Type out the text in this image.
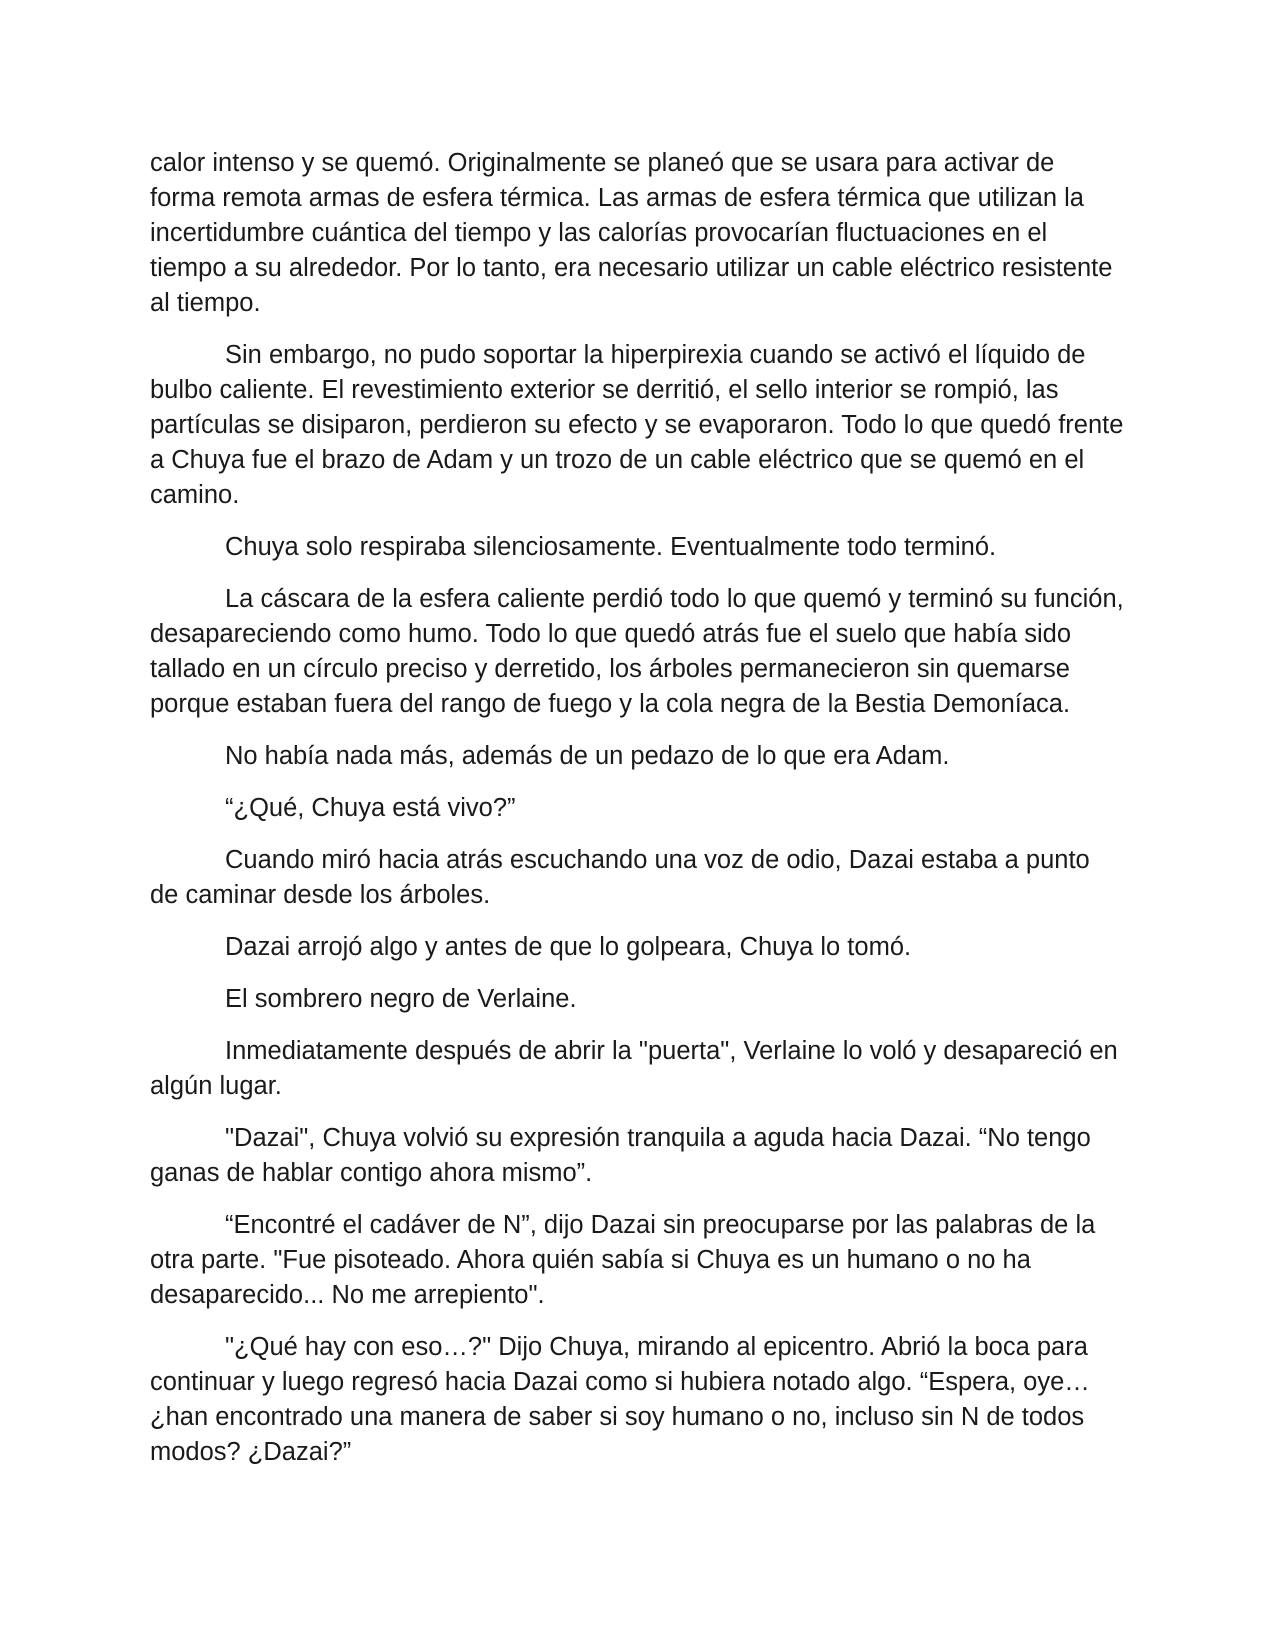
calor intenso y se quemó. Originalmente se planeó que se usara para activar de forma remota armas de esfera térmica. Las armas de esfera térmica que utilizan la incertidumbre cuántica del tiempo y las calorías provocarían fluctuaciones en el tiempo a su alrededor. Por lo tanto, era necesario utilizar un cable eléctrico resistente al tiempo.

Sin embargo, no pudo soportar la hiperpirexia cuando se activó el líquido de bulbo caliente. El revestimiento exterior se derritió, el sello interior se rompió, las partículas se disiparon, perdieron su efecto y se evaporaron. Todo lo que quedó frente a Chuya fue el brazo de Adam y un trozo de un cable eléctrico que se quemó en el camino.

Chuya solo respiraba silenciosamente. Eventualmente todo terminó.

La cáscara de la esfera caliente perdió todo lo que quemó y terminó su función, desapareciendo como humo. Todo lo que quedó atrás fue el suelo que había sido tallado en un círculo preciso y derretido, los árboles permanecieron sin quemarse porque estaban fuera del rango de fuego y la cola negra de la Bestia Demoníaca.

No había nada más, además de un pedazo de lo que era Adam.

“¿Qué, Chuya está vivo?”

Cuando miró hacia atrás escuchando una voz de odio, Dazai estaba a punto de caminar desde los árboles.

Dazai arrojó algo y antes de que lo golpeara, Chuya lo tomó.

El sombrero negro de Verlaine.

Inmediatamente después de abrir la "puerta", Verlaine lo voló y desapareció en algún lugar.

"Dazai", Chuya volvió su expresión tranquila a aguda hacia Dazai. “No tengo ganas de hablar contigo ahora mismo”.

“Encontré el cadáver de N”, dijo Dazai sin preocuparse por las palabras de la otra parte. "Fue pisoteado. Ahora quién sabía si Chuya es un humano o no ha desaparecido... No me arrepiento".

"¿Qué hay con eso…?" Dijo Chuya, mirando al epicentro. Abrió la boca para continuar y luego regresó hacia Dazai como si hubiera notado algo. “Espera, oye… ¿han encontrado una manera de saber si soy humano o no, incluso sin N de todos modos? ¿Dazai?”
